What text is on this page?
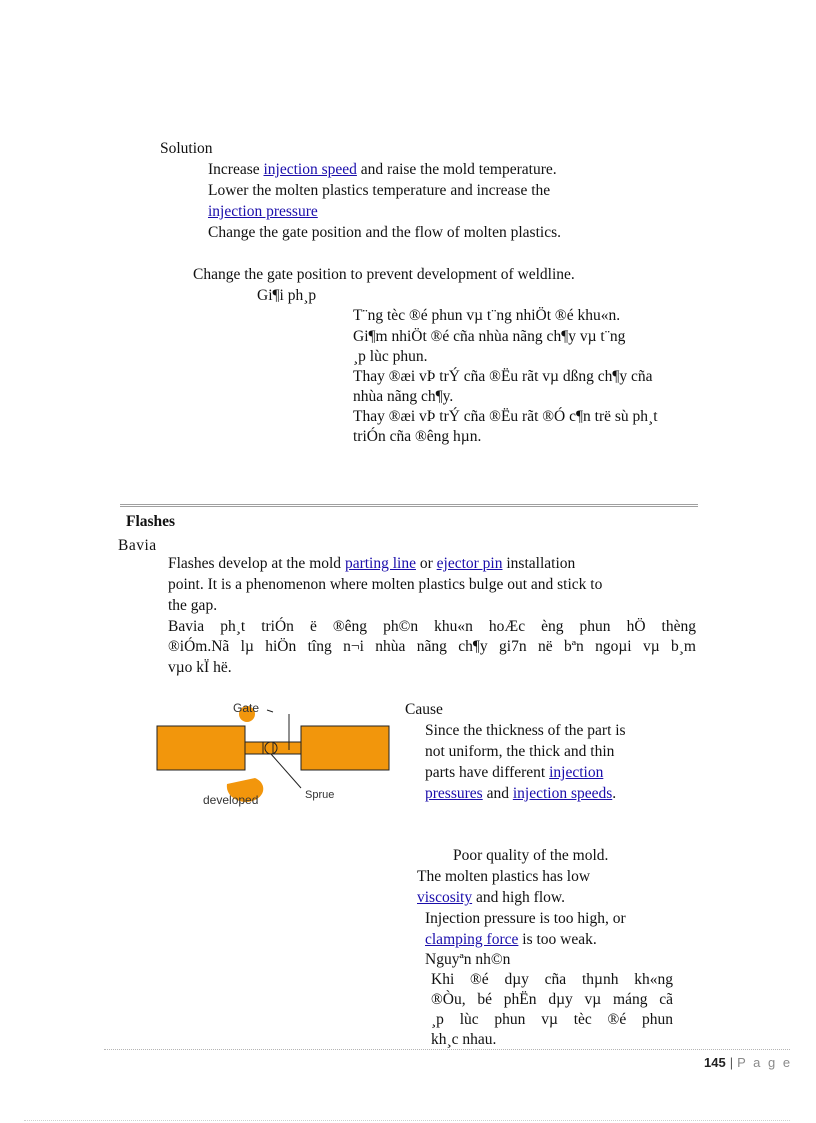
Solution
Increase injection speed and raise the mold temperature.
Lower the molten plastics temperature and increase the
injection pressure
Change the gate position and the flow of molten plastics.
Change the gate position to prevent development of weldline.
Gi¶i ph¸p
T¨ng tèc ®é phun vµ t¨ng nhiÖt ®é khu«n.
Gi¶m nhiÖt ®é cña nhùa nãng ch¶y vµ t¨ng
¸p lùc phun.
Thay ®æi vÞ trÝ cña ®Ëu rãt vµ dßng ch¶y cña
nhùa nãng ch¶y.
Thay ®æi vÞ trÝ cña ®Ëu rãt ®Ó c¶n trë sù ph¸t
triÓn cña ®êng hµn.
Flashes
Bavia
Flashes develop at the mold parting line or ejector pin installation
point. It is a phenomenon where molten plastics bulge out and stick to
the gap.
Bavia ph¸t triÓn ë ®êng ph©n khu«n hoÆc èng phun hÖ thèng
®iÓm.Nã lµ hiÖn tîng n¬i nhùa nãng ch¶y gi7n në bªn ngoµi vµ b¸m
vµo kÏ hë.
Gate
Sprue
developed
Cause
Since the thickness of the part is
not uniform, the thick and thin
parts have different injection
pressures and injection speeds.
Poor quality of the mold.
The molten plastics has low
viscosity and high flow.
Injection pressure is too high, or
clamping force is too weak.
Nguyªn nh©n
Khi ®é dµy cña thµnh kh«ng
®Òu, bé phËn dµy vµ máng cã
¸p lùc phun vµ tèc ®é phun
kh¸c nhau.
145 | P a g e
